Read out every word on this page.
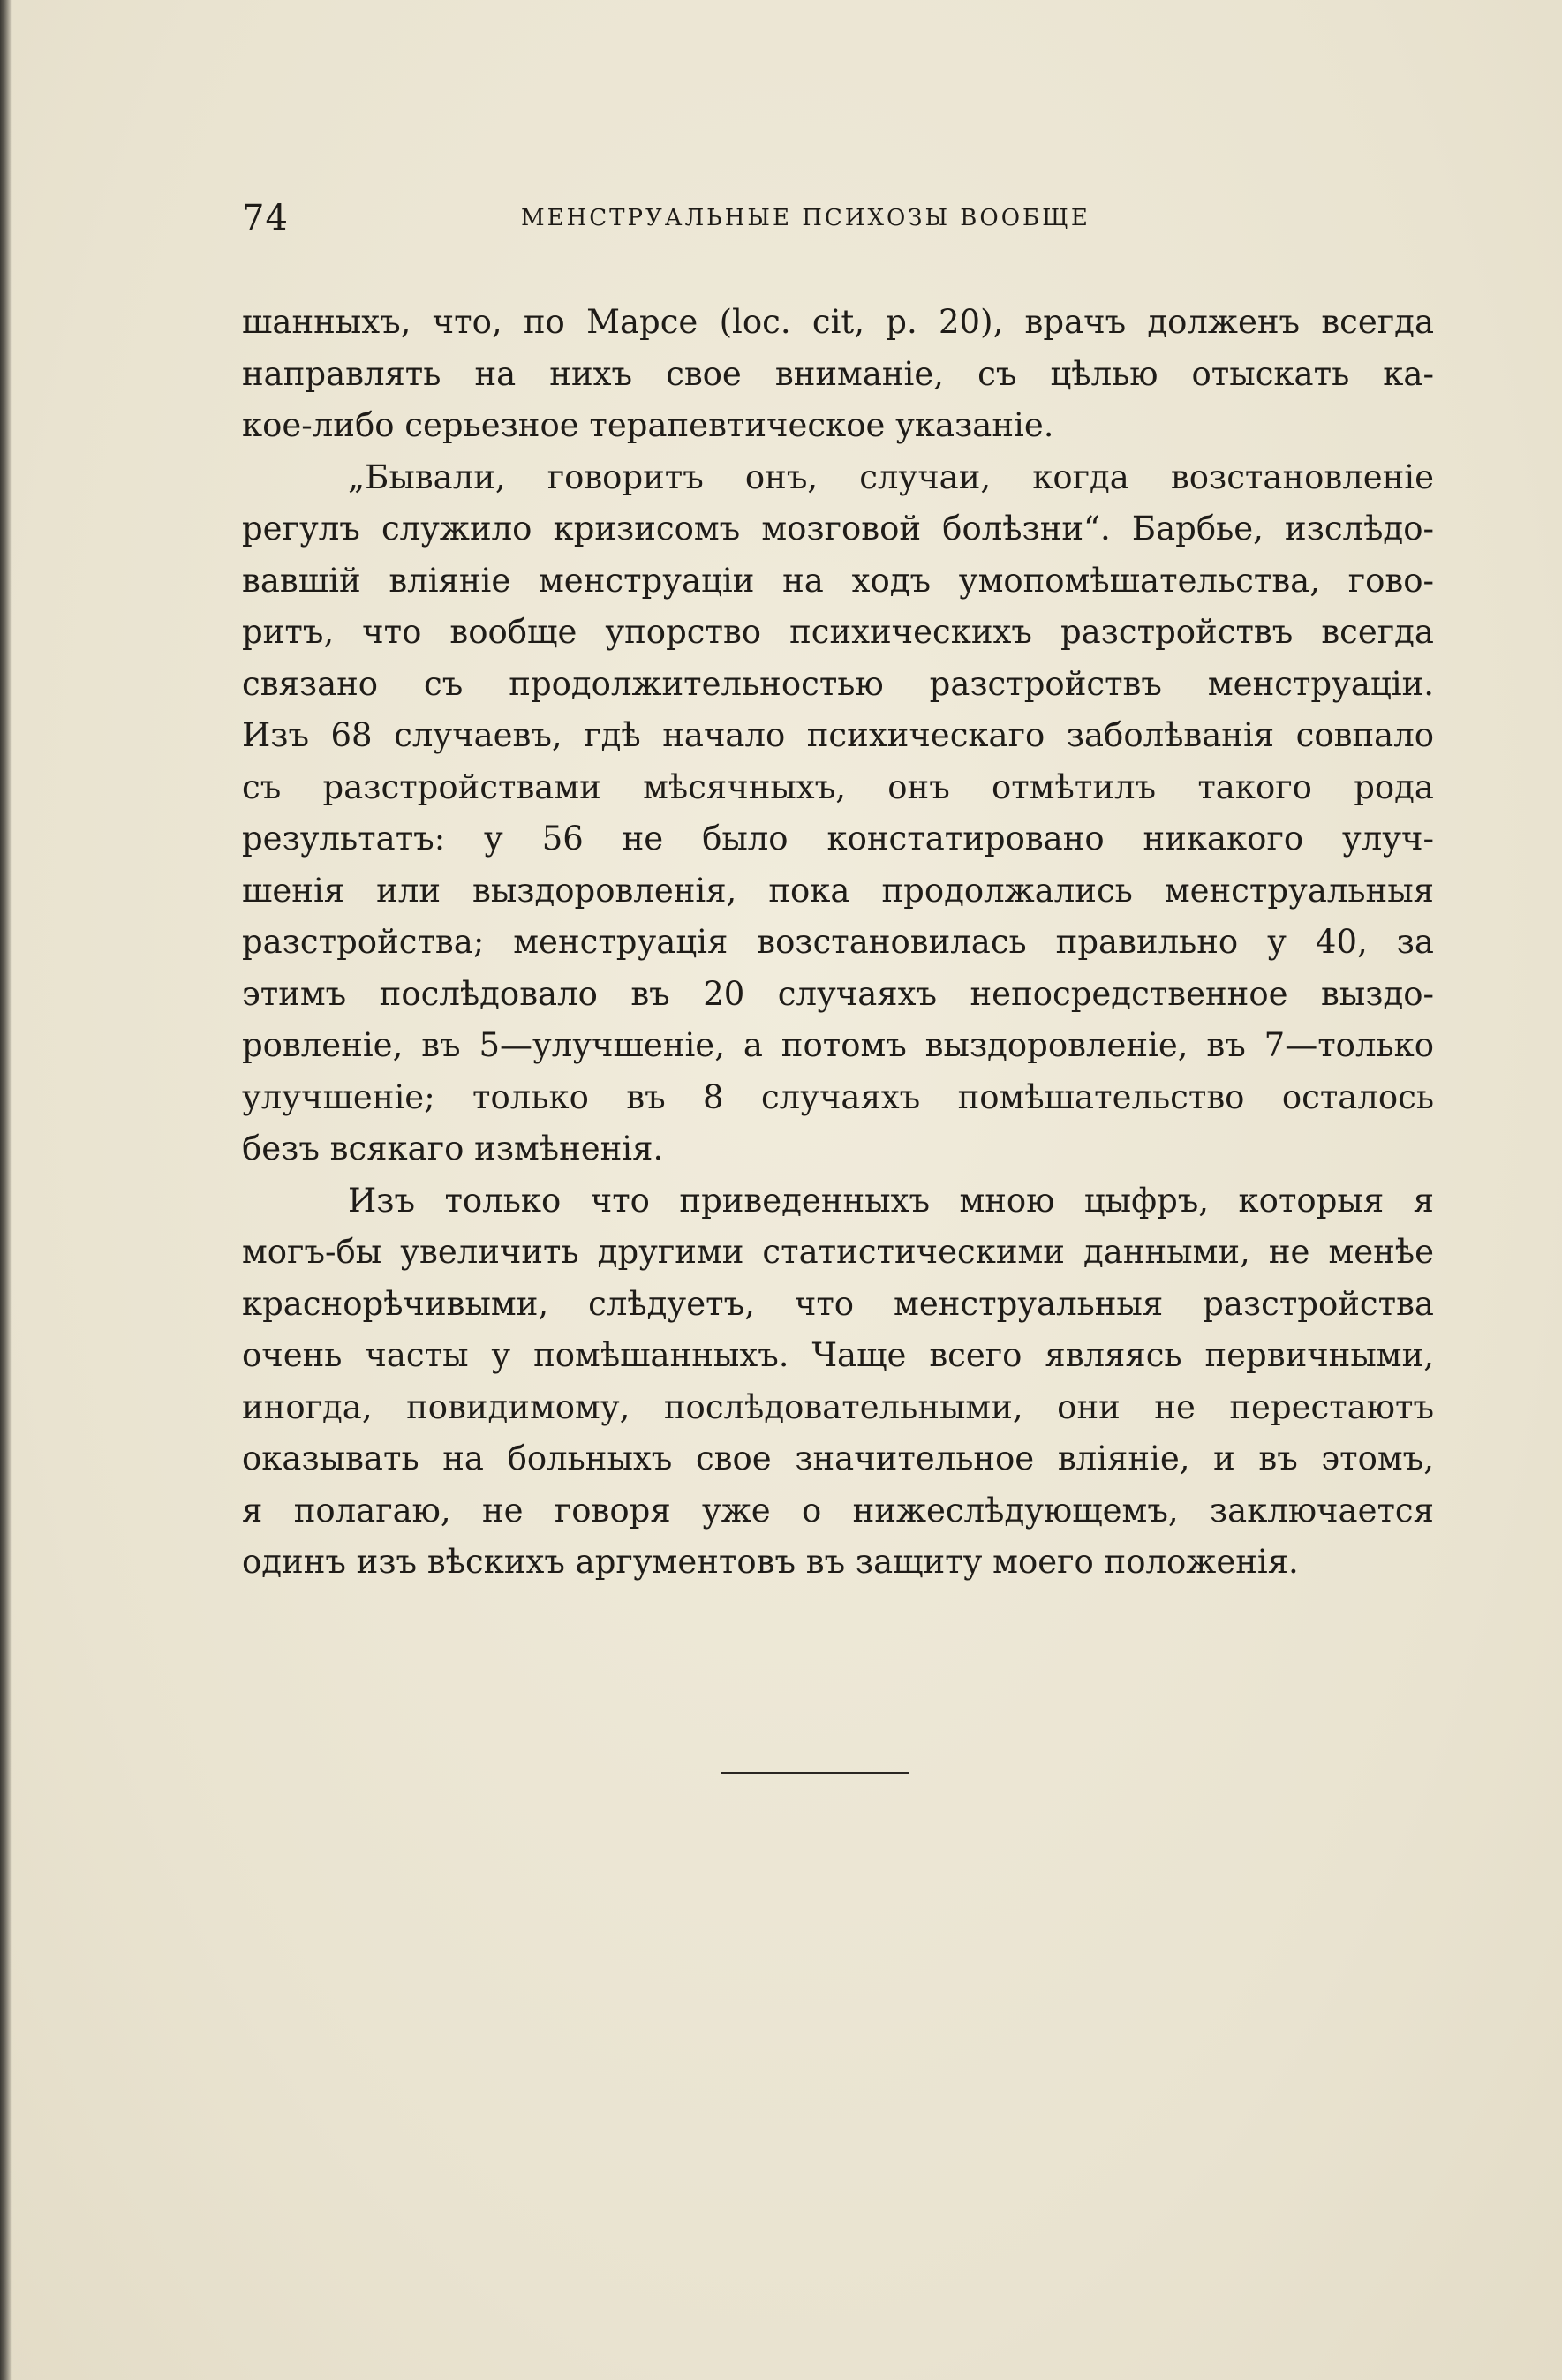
74	МЕНСТРУАЛЬНЫЕ ПСИХОЗЫ ВООБЩЕ

шанныхъ, что, по Марсе (loc. cit, p. 20), врачъ долженъ всегда
направлять на нихъ свое вниманіе, съ цѣлью отыскать ка-
кое-либо серьезное терапевтическое указаніе.

„Бывали, говоритъ онъ, случаи, когда возстановленіе
регулъ служило кризисомъ мозговой болѣзни“. Барбье, изслѣдо-
вавшій вліяніе менструаціи на ходъ умопомѣшательства, гово-
ритъ, что вообще упорство психическихъ разстройствъ всегда
связано съ продолжительностью разстройствъ менструаціи.
Изъ 68 случаевъ, гдѣ начало психическаго заболѣванія совпало
съ разстройствами мѣсячныхъ, онъ отмѣтилъ такого рода
результатъ: у 56 не было констатировано никакого улуч-
шенія или выздоровленія, пока продолжались менструальныя
разстройства; менструація возстановилась правильно у 40, за
этимъ послѣдовало въ 20 случаяхъ непосредственное выздо-
ровленіе, въ 5—улучшеніе, а потомъ выздоровленіе, въ 7—только
улучшеніе; только въ 8 случаяхъ помѣшательство осталось
безъ всякаго измѣненія.

Изъ только что приведенныхъ мною цыфръ, которыя я
могъ-бы увеличить другими статистическими данными, не менѣе
краснорѣчивыми, слѣдуетъ, что менструальныя разстройства
очень часты у помѣшанныхъ. Чаще всего являясь первичными,
иногда, повидимому, послѣдовательными, они не перестаютъ
оказывать на больныхъ свое значительное вліяніе, и въ этомъ,
я полагаю, не говоря уже о нижеслѣдующемъ, заключается
одинъ изъ вѣскихъ аргументовъ въ защиту моего положенія.
